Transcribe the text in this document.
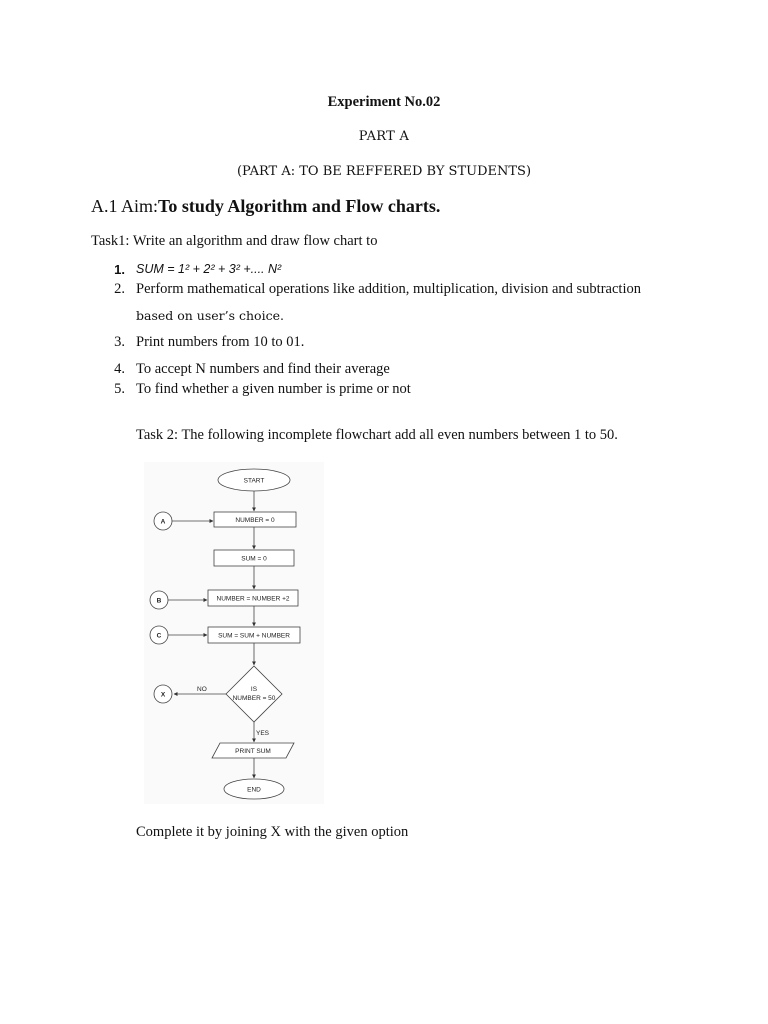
Experiment No.02
PART A
(PART A: TO BE REFFERED BY STUDENTS)
A.1 Aim:To study Algorithm and Flow charts.
Task1: Write an algorithm and draw flow chart to
1. SUM = 1² + 2² + 3² +.... N²
2. Perform mathematical operations like addition, multiplication, division and subtraction
based on user’s choice.
3. Print numbers from 10 to 01.
4. To accept N numbers and find their average
5. To find whether a given number is prime or not
Task 2: The following incomplete flowchart add all even numbers between 1 to 50.
START
NUMBER = 0
SUM = 0
NUMBER = NUMBER +2
SUM = SUM + NUMBER
IS
NUMBER = 50
NO
YES
PRINT SUM
END
A
B
C
X
Complete it by joining X with the given option
